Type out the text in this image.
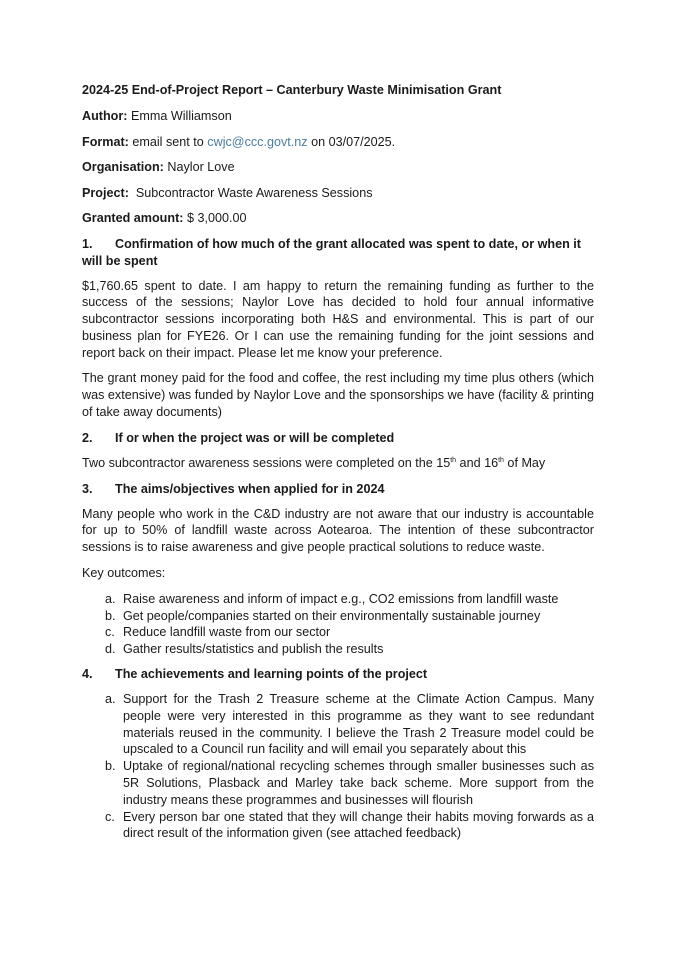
2024-25 End-of-Project Report – Canterbury Waste Minimisation Grant

Author: Emma Williamson

Format: email sent to cwjc@ccc.govt.nz on 03/07/2025.

Organisation: Naylor Love

Project: Subcontractor Waste Awareness Sessions

Granted amount: $ 3,000.00

1. Confirmation of how much of the grant allocated was spent to date, or when it will be spent

$1,760.65 spent to date. I am happy to return the remaining funding as further to the success of the sessions; Naylor Love has decided to hold four annual informative subcontractor sessions incorporating both H&S and environmental. This is part of our business plan for FYE26. Or I can use the remaining funding for the joint sessions and report back on their impact. Please let me know your preference.

The grant money paid for the food and coffee, the rest including my time plus others (which was extensive) was funded by Naylor Love and the sponsorships we have (facility & printing of take away documents)

2.	If or when the project was or will be completed

Two subcontractor awareness sessions were completed on the 15th and 16th of May

3.	The aims/objectives when applied for in 2024

Many people who work in the C&D industry are not aware that our industry is accountable for up to 50% of landfill waste across Aotearoa. The intention of these subcontractor sessions is to raise awareness and give people practical solutions to reduce waste.

Key outcomes:

a. Raise awareness and inform of impact e.g., CO2 emissions from landfill waste
b. Get people/companies started on their environmentally sustainable journey
c. Reduce landfill waste from our sector
d. Gather results/statistics and publish the results

4.	The achievements and learning points of the project

a. Support for the Trash 2 Treasure scheme at the Climate Action Campus. Many people were very interested in this programme as they want to see redundant materials reused in the community. I believe the Trash 2 Treasure model could be upscaled to a Council run facility and will email you separately about this
b. Uptake of regional/national recycling schemes through smaller businesses such as 5R Solutions, Plasback and Marley take back scheme. More support from the industry means these programmes and businesses will flourish
c. Every person bar one stated that they will change their habits moving forwards as a direct result of the information given (see attached feedback)
